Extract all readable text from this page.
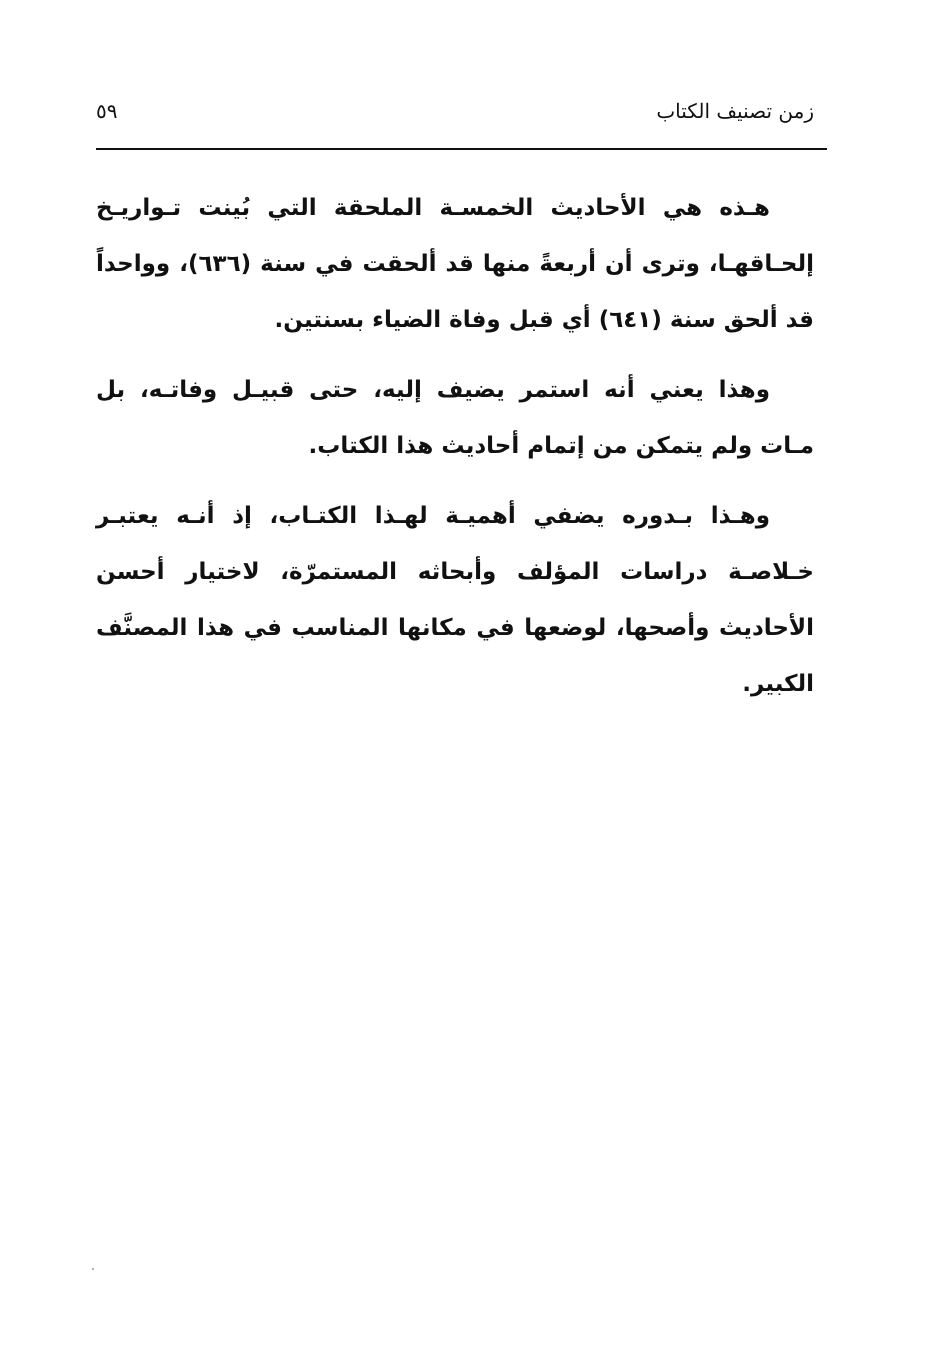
زمن تصنيف الكتاب
٥٩

هـذه هي الأحاديث الخمسـة الملحقة التي بُينت تـواريـخ إلحـاقهـا، وترى أن أربعةً منها قد ألحقت في سنة (٦٣٦)، وواحداً قد ألحق سنة (٦٤١) أي قبل وفاة الضياء بسنتين.

وهذا يعني أنه استمر يضيف إليه، حتى قبيـل وفاتـه، بل مـات ولم يتمكن من إتمام أحاديث هذا الكتاب.

وهـذا بـدوره يضفي أهميـة لهـذا الكتـاب، إذ أنـه يعتبـر خـلاصـة دراسات المؤلف وأبحاثه المستمرّة، لاختيار أحسن الأحاديث وأصحها، لوضعها في مكانها المناسب في هذا المصنَّف الكبير.
